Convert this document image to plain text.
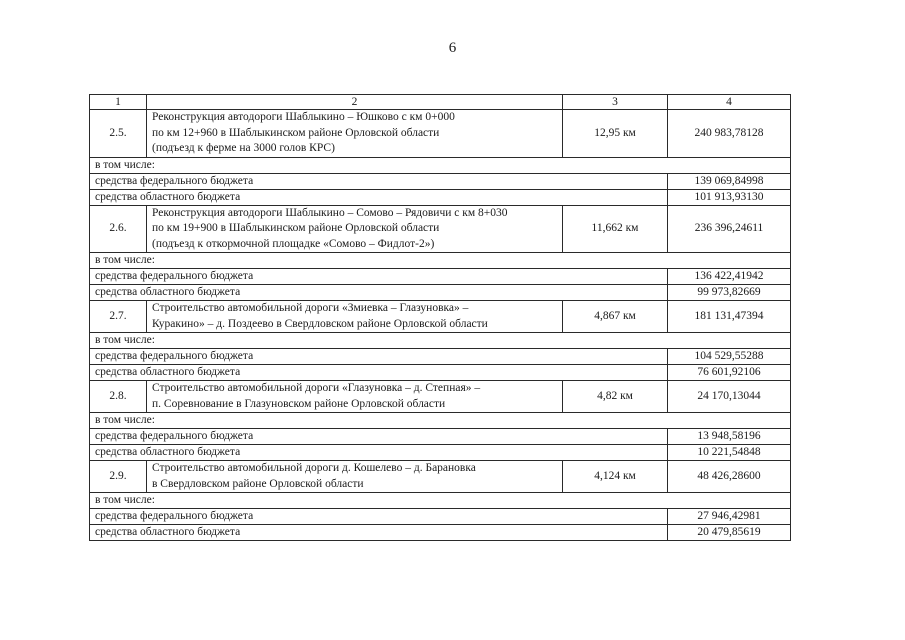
6
1	2	3	4
2.5.	Реконструкция автодороги Шаблыкино – Юшково с км 0+000
по км 12+960 в Шаблыкинском районе Орловской области
(подъезд к ферме на 3000 голов КРС)	12,95 км	240 983,78128
в том числе:			
средства федерального бюджета			139 069,84998
средства областного бюджета			101 913,93130
2.6.	Реконструкция автодороги Шаблыкино – Сомово – Рядовичи с км 8+030
по км 19+900 в Шаблыкинском районе Орловской области
(подъезд к откормочной площадке «Сомово – Фидлот-2»)	11,662 км	236 396,24611
в том числе:			
средства федерального бюджета			136 422,41942
средства областного бюджета			99 973,82669
2.7.	Строительство автомобильной дороги «Змиевка – Глазуновка» –
Куракино» – д. Поздеево в Свердловском районе Орловской области	4,867 км	181 131,47394
в том числе:			
средства федерального бюджета			104 529,55288
средства областного бюджета			76 601,92106
2.8.	Строительство автомобильной дороги «Глазуновка – д. Степная» –
п. Соревнование в Глазуновском районе Орловской области	4,82 км	24 170,13044
в том числе:			
средства федерального бюджета			13 948,58196
средства областного бюджета			10 221,54848
2.9.	Строительство автомобильной дороги д. Кошелево – д. Барановка
в Свердловском районе Орловской области	4,124 км	48 426,28600
в том числе:			
средства федерального бюджета			27 946,42981
средства областного бюджета			20 479,85619
